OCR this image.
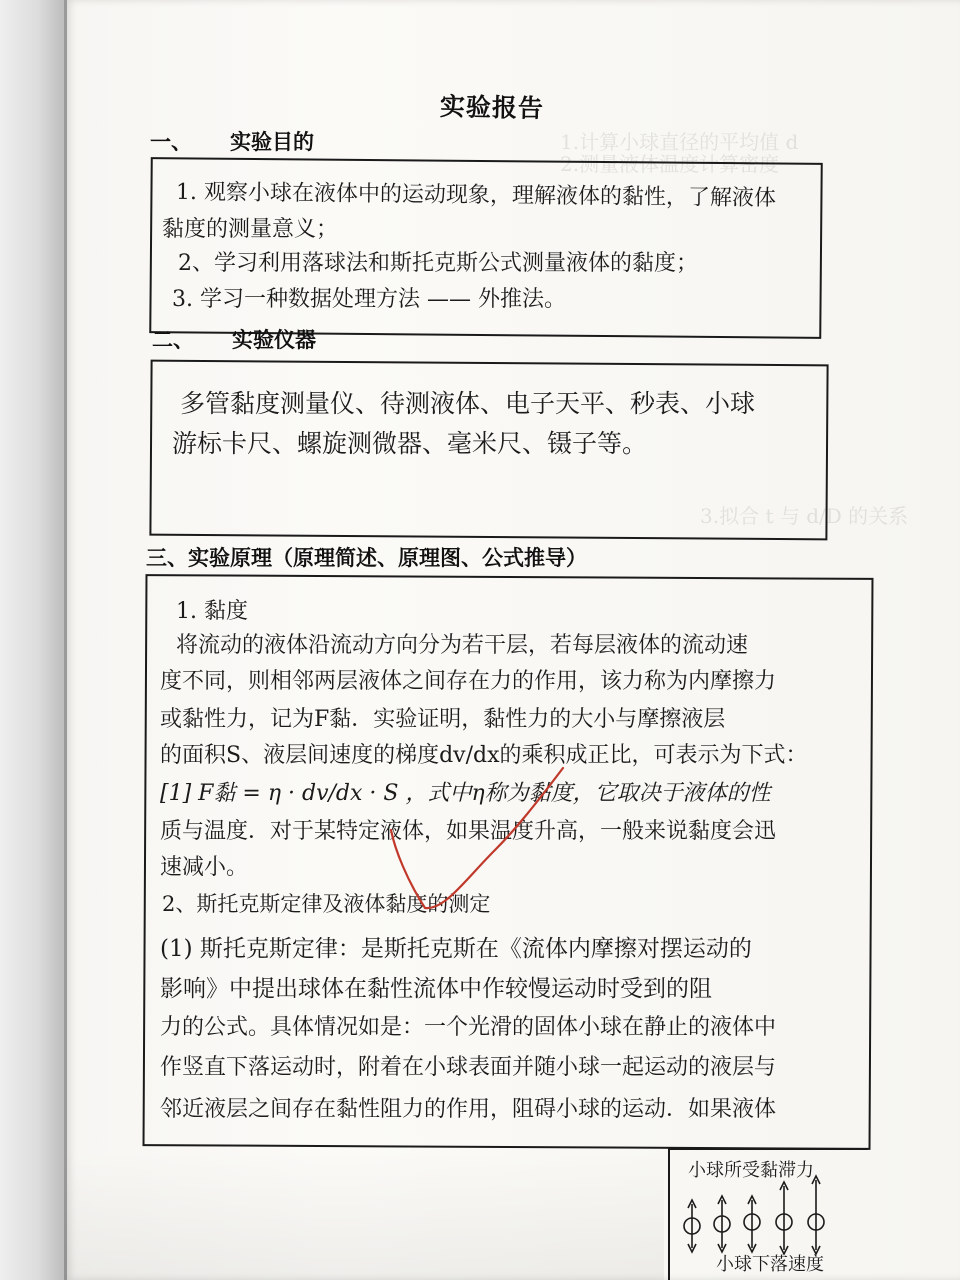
1.计算小球直径的平均值 d
2.测量液体温度计算密度
3.拟合 t 与 d/D 的关系
实验报告
一、 实验目的
1. 观察小球在液体中的运动现象，理解液体的黏性，了解液体
黏度的测量意义；
2、学习利用落球法和斯托克斯公式测量液体的黏度；
3. 学习一种数据处理方法 —— 外推法。
二、 实验仪器
多管黏度测量仪、待测液体、电子天平、秒表、小球
游标卡尺、螺旋测微器、毫米尺、镊子等。
三、实验原理（原理简述、原理图、公式推导）
1. 黏度
将流动的液体沿流动方向分为若干层，若每层液体的流动速
度不同，则相邻两层液体之间存在力的作用，该力称为内摩擦力
或黏性力，记为F黏．实验证明，黏性力的大小与摩擦液层
的面积S、液层间速度的梯度dv/dx的乘积成正比，可表示为下式：
[1] F黏 = η · dv/dx · S ，式中η称为黏度，它取决于液体的性
质与温度．对于某特定液体，如果温度升高，一般来说黏度会迅
速减小。
2、斯托克斯定律及液体黏度的测定
(1) 斯托克斯定律：是斯托克斯在《流体内摩擦对摆运动的
影响》中提出球体在黏性流体中作较慢运动时受到的阻
力的公式。具体情况如是：一个光滑的固体小球在静止的液体中
作竖直下落运动时，附着在小球表面并随小球一起运动的液层与
邻近液层之间存在黏性阻力的作用，阻碍小球的运动．如果液体
小球所受黏滞力
小球下落速度
